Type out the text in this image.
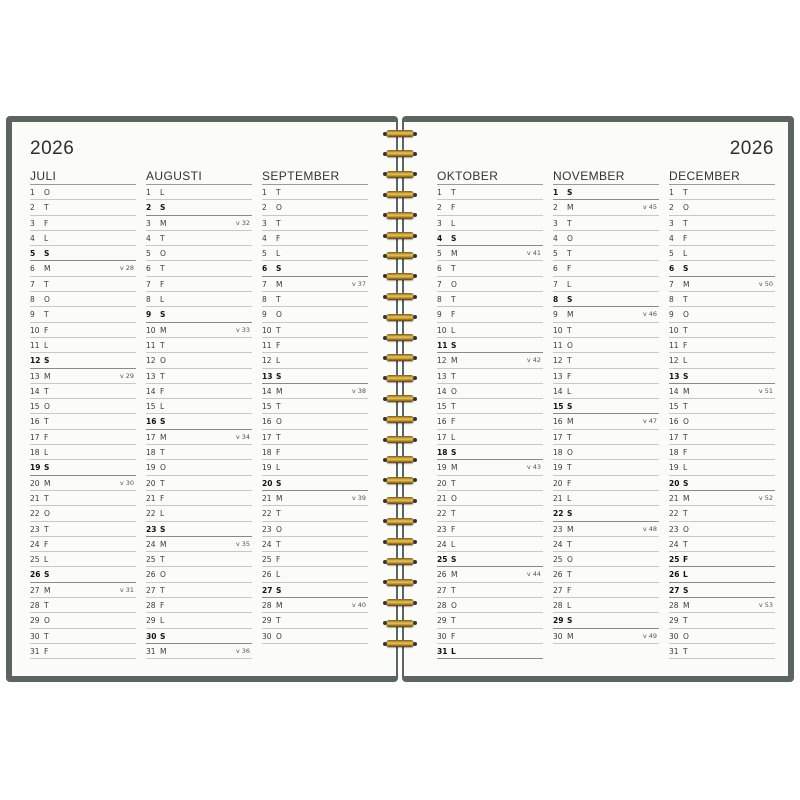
2026	2026
JULI
1	O
2	T
3	F
4	L
5	S
6	M	v 28
7	T
8	O
9	T
10 F
11 L
12 S
13 M	v 29
14 T
15 O
16 T
17 F
18 L
19 S
20 M	v 30
21 T
22 O
23 T
24 F
25 L
26 S
27 M	v 31
28 T
29 O
30 T
31 F
AUGUSTI
1	L
2	S
3	M	v 32
4	T
5	O
6	T
7	F
8	L
9	S
10 M	v 33
11 T
12 O
13 T
14 F
15 L
16 S
17 M	v 34
18 T
19 O
20 T
21 F
22 L
23 S
24 M	v 35
25 T
26 O
27 T
28 F
29 L
30 S
31 M	v 36
SEPTEMBER
1	T
2	O
3	T
4	F
5	L
6	S
7	M	v 37
8	T
9	O
10 T
11 F
12 L
13 S
14 M	v 38
15 T
16 O
17 T
18 F
19 L
20 S
21 M	v 39
22 T
23 O
24 T
25 F
26 L
27 S
28 M	v 40
29 T
30 O
OKTOBER
1	T
2	F
3	L
4	S
5	M	v 41
6	T
7	O
8	T
9	F
10 L
11 S
12 M	v 42
13 T
14 O
15 T
16 F
17 L
18 S
19 M	v 43
20 T
21 O
22 T
23 F
24 L
25 S
26 M	v 44
27 T
28 O
29 T
30 F
31 L
NOVEMBER
1	S
2	M	v 45
3	T
4	O
5	T
6	F
7	L
8	S
9	M	v 46
10 T
11 O
12 T
13 F
14 L
15 S
16 M	v 47
17 T
18 O
19 T
20 F
21 L
22 S
23 M	v 48
24 T
25 O
26 T
27 F
28 L
29 S
30 M	v 49
DECEMBER
1	T
2	O
3	T
4	F
5	L
6	S
7	M	v 50
8	T
9	O
10 T
11 F
12 L
13 S
14 M	v 51
15 T
16 O
17 T
18 F
19 L
20 S
21 M	v 52
22 T
23 O
24 T
25 F
26 L
27 S
28 M	v 53
29 T
30 O
31 T
